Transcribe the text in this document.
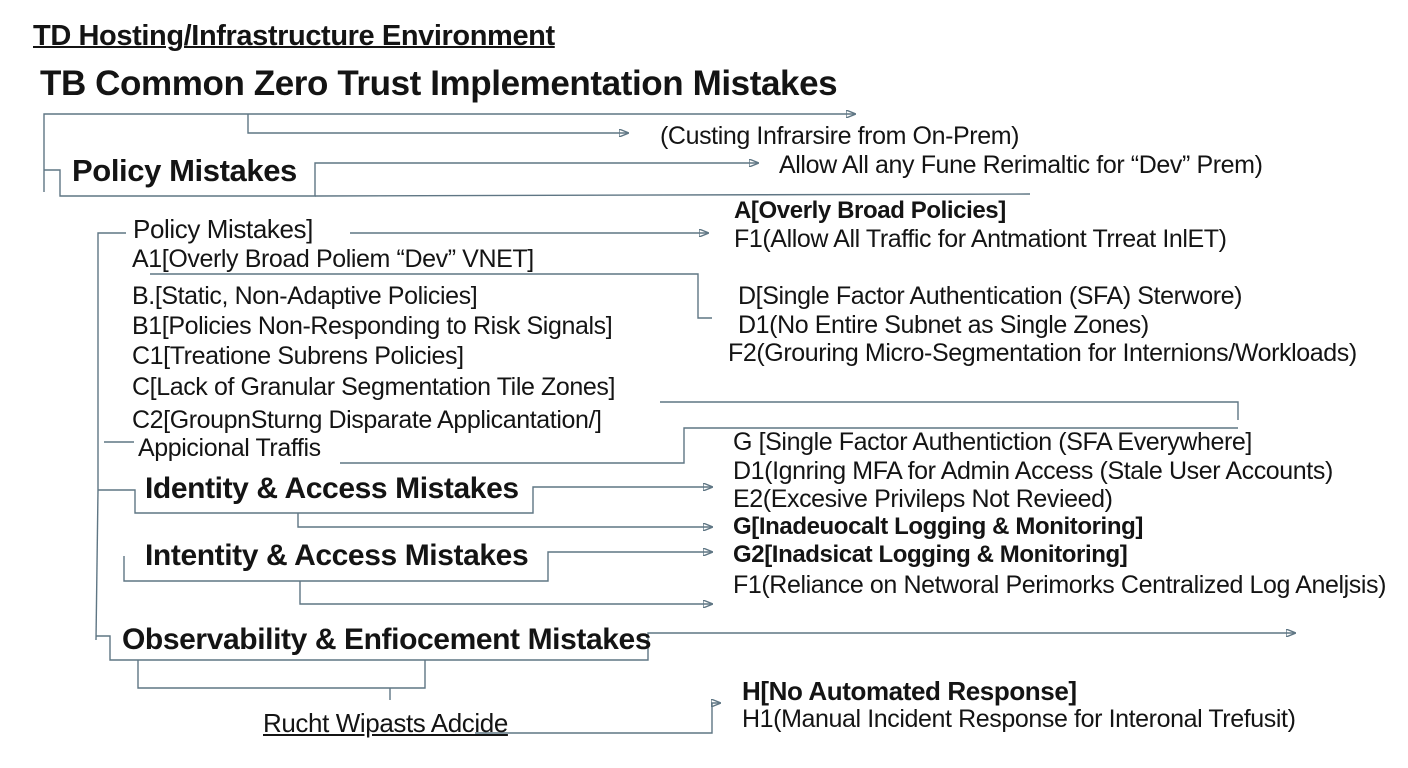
TD Hosting/Infrastructure Environment
TB Common Zero Trust Implementation Mistakes
Policy Mistakes
Policy Mistakes]
A1[Overly Broad Poliem “Dev” VNET]
B.[Static, Non-Adaptive Policies]
B1[Policies Non-Responding to Risk Signals]
C1[Treatione Subrens Policies]
C[Lack of Granular Segmentation Tile Zones]
C2[GroupnSturng Disparate Applicantation/]
Appicional Traffis
Identity & Access Mistakes
Intentity & Access Mistakes
Observability & Enfiocement Mistakes
Rucht Wipasts Adcide
(Custing Infrarsire from On-Prem)
Allow All any Fune Rerimaltic for “Dev” Prem)
A[Overly Broad Policies]
F1(Allow All Traffic for Antmationt Trreat InlET)
D[Single Factor Authentication (SFA) Sterwore)
D1(No Entire Subnet as Single Zones)
F2(Grouring Micro-Segmentation for Internions/Workloads)
G [Single Factor Authentiction (SFA Everywhere]
D1(Ignring MFA for Admin Access (Stale User Accounts)
E2(Excesive Privileps Not Revieed)
G[Inadeuocalt Logging & Monitoring]
G2[Inadsicat Logging & Monitoring]
F1(Reliance on Networal Perimorks Centralized Log Aneljsis)
H[No Automated Response]
H1(Manual Incident Response for Interonal Trefusit)
